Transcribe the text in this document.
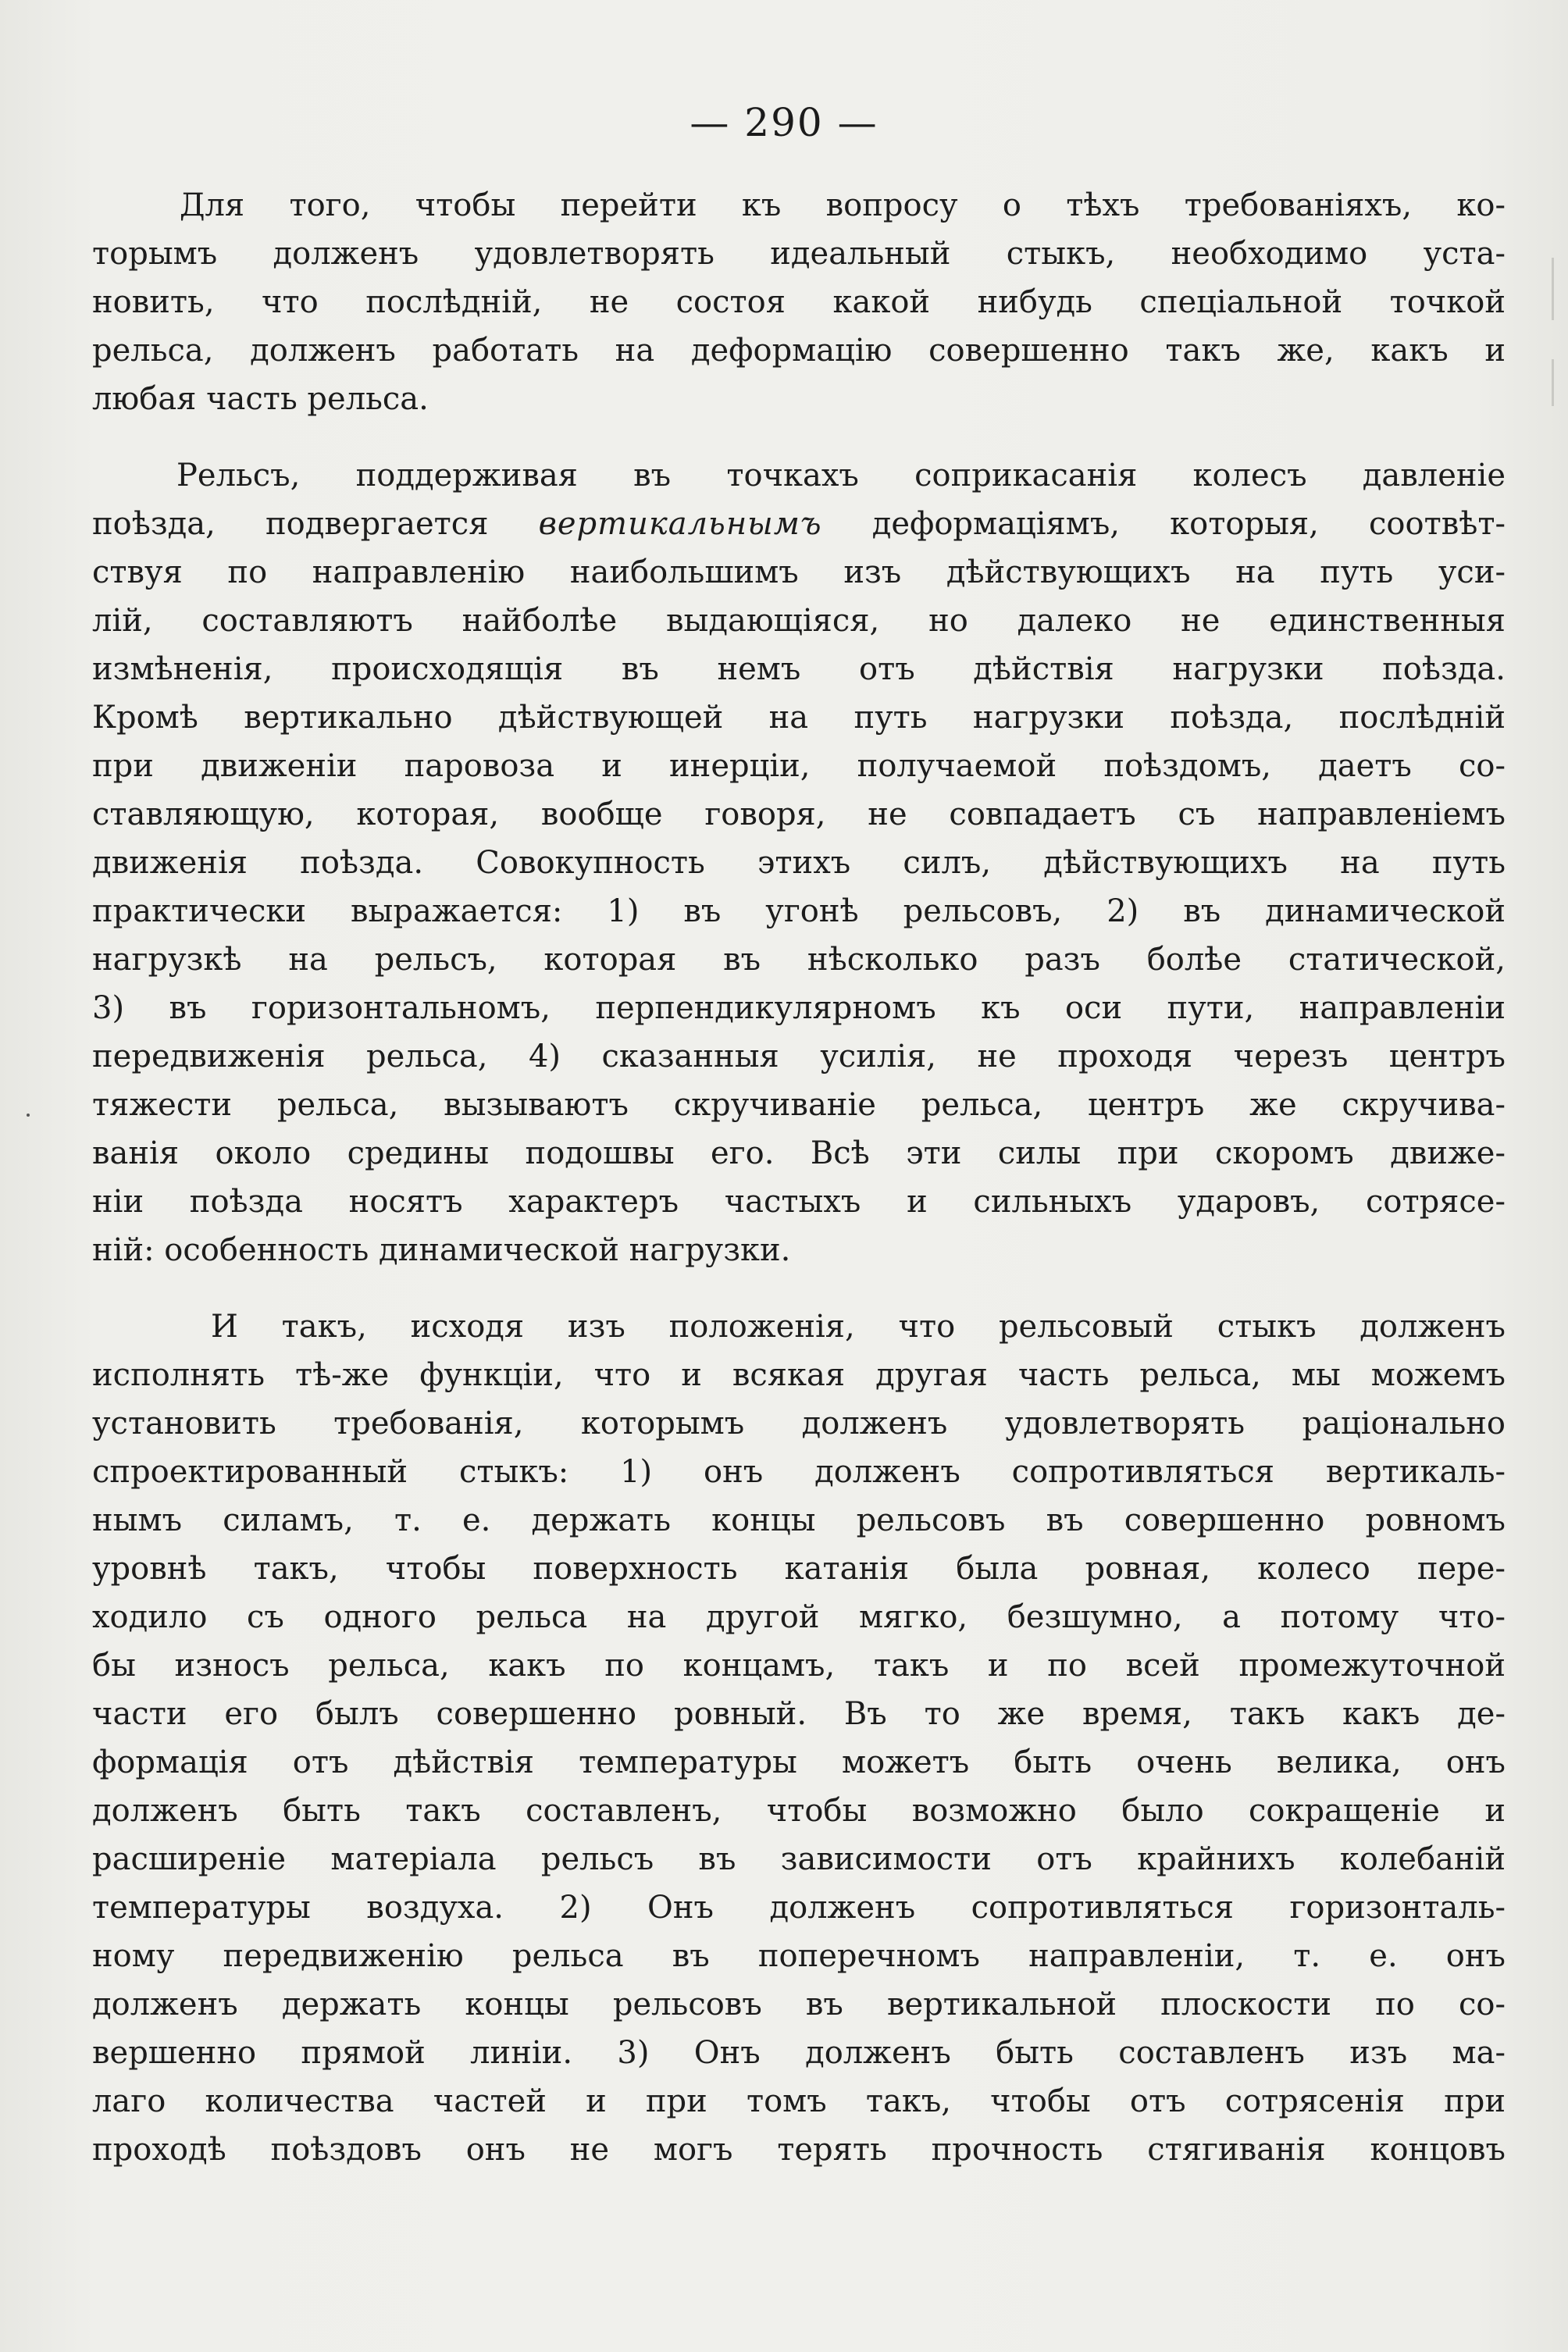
— 290 —
Для того, чтобы перейти къ вопросу о тѣхъ требованіяхъ, ко-
торымъ долженъ удовлетворять идеальный стыкъ, необходимо уста-
новить, что послѣдній, не состоя какой нибудь спеціальной точкой
рельса, долженъ работать на деформацію совершенно такъ же, какъ и
любая часть рельса.
Рельсъ, поддерживая въ точкахъ соприкасанія колесъ давленіе
поѣзда, подвергается вертикальнымъ деформаціямъ, которыя, соотвѣт-
ствуя по направленію наибольшимъ изъ дѣйствующихъ на путь уси-
лій, составляютъ найболѣе выдающіяся, но далеко не единственныя
измѣненія, происходящія въ немъ отъ дѣйствія нагрузки поѣзда.
Кромѣ вертикально дѣйствующей на путь нагрузки поѣзда, послѣдній
при движеніи паровоза и инерціи, получаемой поѣздомъ, даетъ со-
ставляющую, которая, вообще говоря, не совпадаетъ съ направленіемъ
движенія поѣзда. Совокупность этихъ силъ, дѣйствующихъ на путь
практически выражается: 1) въ угонѣ рельсовъ, 2) въ динамической
нагрузкѣ на рельсъ, которая въ нѣсколько разъ болѣе статической,
3) въ горизонтальномъ, перпендикулярномъ къ оси пути, направленіи
передвиженія рельса, 4) сказанныя усилія, не проходя черезъ центръ
тяжести рельса, вызываютъ скручиваніе рельса, центръ же скручива-
ванія около средины подошвы его. Всѣ эти силы при скоромъ движе-
ніи поѣзда носятъ характеръ частыхъ и сильныхъ ударовъ, сотрясе-
ній: особенность динамической нагрузки.
И такъ, исходя изъ положенія, что рельсовый стыкъ долженъ
исполнять тѣ-же функціи, что и всякая другая часть рельса, мы можемъ
установить требованія, которымъ долженъ удовлетворять раціонально
спроектированный стыкъ: 1) онъ долженъ сопротивляться вертикаль-
нымъ силамъ, т. е. держать концы рельсовъ въ совершенно ровномъ
уровнѣ такъ, чтобы поверхность катанія была ровная, колесо пере-
ходило съ одного рельса на другой мягко, безшумно, а потому что-
бы износъ рельса, какъ по концамъ, такъ и по всей промежуточной
части его былъ совершенно ровный. Въ то же время, такъ какъ де-
формація отъ дѣйствія температуры можетъ быть очень велика, онъ
долженъ быть такъ составленъ, чтобы возможно было сокращеніе и
расширеніе матеріала рельсъ въ зависимости отъ крайнихъ колебаній
температуры воздуха. 2) Онъ долженъ сопротивляться горизонталь-
ному передвиженію рельса въ поперечномъ направленіи, т. е. онъ
долженъ держать концы рельсовъ въ вертикальной плоскости по со-
вершенно прямой линіи. 3) Онъ долженъ быть составленъ изъ ма-
лаго количества частей и при томъ такъ, чтобы отъ сотрясенія при
проходѣ поѣздовъ онъ не могъ терять прочность стягиванія концовъ
